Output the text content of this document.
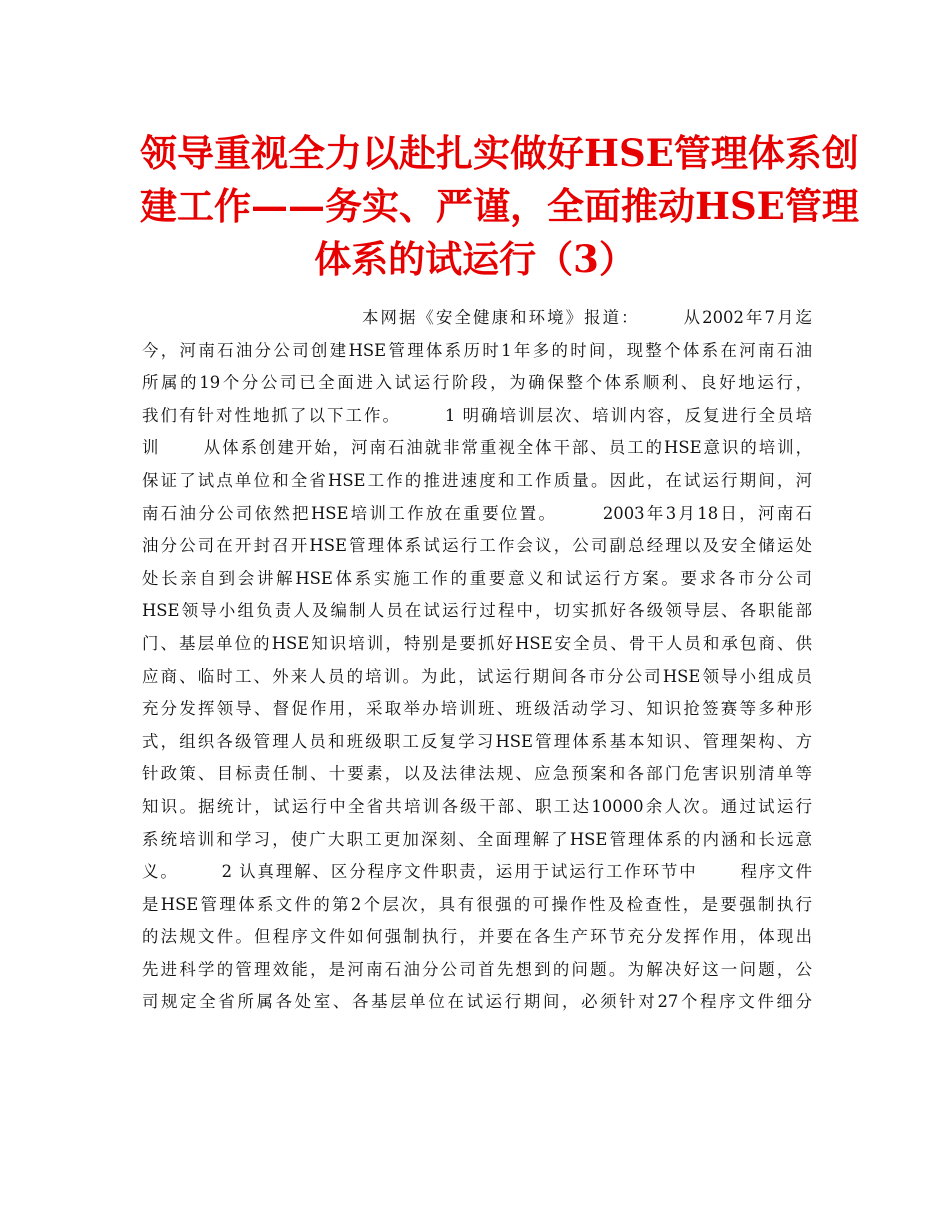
领导重视全力以赴扎实做好HSE管理体系创
建工作——务实、严谨，全面推动HSE管理
体系的试运行（3）
本网据《安全健康和环境》报道：      从2002年7月迄
今，河南石油分公司创建HSE管理体系历时1年多的时间，现整个体系在河南石油
所属的19个分公司已全面进入试运行阶段，为确保整个体系顺利、良好地运行，
我们有针对性地抓了以下工作。      1 明确培训层次、培训内容，反复进行全员培
训      从体系创建开始，河南石油就非常重视全体干部、员工的HSE意识的培训，
保证了试点单位和全省HSE工作的推进速度和工作质量。因此，在试运行期间，河
南石油分公司依然把HSE培训工作放在重要位置。      2003年3月18日，河南石
油分公司在开封召开HSE管理体系试运行工作会议，公司副总经理以及安全储运处
处长亲自到会讲解HSE体系实施工作的重要意义和试运行方案。要求各市分公司
HSE领导小组负责人及编制人员在试运行过程中，切实抓好各级领导层、各职能部
门、基层单位的HSE知识培训，特别是要抓好HSE安全员、骨干人员和承包商、供
应商、临时工、外来人员的培训。为此，试运行期间各市分公司HSE领导小组成员
充分发挥领导、督促作用，采取举办培训班、班级活动学习、知识抢签赛等多种形
式，组织各级管理人员和班级职工反复学习HSE管理体系基本知识、管理架构、方
针政策、目标责任制、十要素，以及法律法规、应急预案和各部门危害识别清单等
知识。据统计，试运行中全省共培训各级干部、职工达10000余人次。通过试运行
系统培训和学习，使广大职工更加深刻、全面理解了HSE管理体系的内涵和长远意
义。      2 认真理解、区分程序文件职责，运用于试运行工作环节中      程序文件
是HSE管理体系文件的第2个层次，具有很强的可操作性及检查性，是要强制执行
的法规文件。但程序文件如何强制执行，并要在各生产环节充分发挥作用，体现出
先进科学的管理效能，是河南石油分公司首先想到的问题。为解决好这一问题，公
司规定全省所属各处室、各基层单位在试运行期间，必须针对27个程序文件细分
